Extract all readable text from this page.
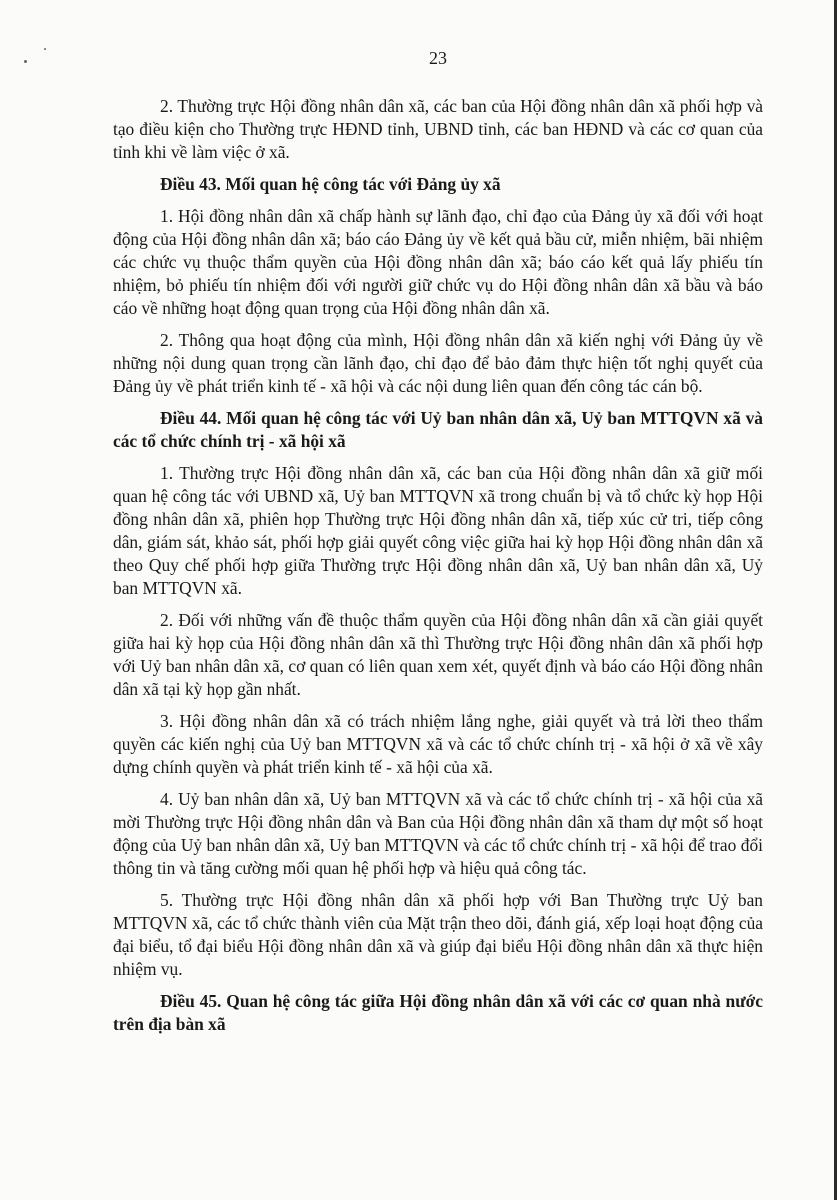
23

2. Thường trực Hội đồng nhân dân xã, các ban của Hội đồng nhân dân xã phối hợp và tạo điều kiện cho Thường trực HĐND tỉnh, UBND tỉnh, các ban HĐND và các cơ quan của tỉnh khi về làm việc ở xã.

Điều 43. Mối quan hệ công tác với Đảng ủy xã

1. Hội đồng nhân dân xã chấp hành sự lãnh đạo, chỉ đạo của Đảng ủy xã đối với hoạt động của Hội đồng nhân dân xã; báo cáo Đảng ủy về kết quả bầu cử, miễn nhiệm, bãi nhiệm các chức vụ thuộc thẩm quyền của Hội đồng nhân dân xã; báo cáo kết quả lấy phiếu tín nhiệm, bỏ phiếu tín nhiệm đối với người giữ chức vụ do Hội đồng nhân dân xã bầu và báo cáo về những hoạt động quan trọng của Hội đồng nhân dân xã.

2. Thông qua hoạt động của mình, Hội đồng nhân dân xã kiến nghị với Đảng ủy về những nội dung quan trọng cần lãnh đạo, chỉ đạo để bảo đảm thực hiện tốt nghị quyết của Đảng ủy về phát triển kinh tế - xã hội và các nội dung liên quan đến công tác cán bộ.

Điều 44. Mối quan hệ công tác với Uỷ ban nhân dân xã, Uỷ ban MTTQVN xã và các tổ chức chính trị - xã hội xã

1. Thường trực Hội đồng nhân dân xã, các ban của Hội đồng nhân dân xã giữ mối quan hệ công tác với UBND xã, Uỷ ban MTTQVN xã trong chuẩn bị và tổ chức kỳ họp Hội đồng nhân dân xã, phiên họp Thường trực Hội đồng nhân dân xã, tiếp xúc cử tri, tiếp công dân, giám sát, khảo sát, phối hợp giải quyết công việc giữa hai kỳ họp Hội đồng nhân dân xã theo Quy chế phối hợp giữa Thường trực Hội đồng nhân dân xã, Uỷ ban nhân dân xã, Uỷ ban MTTQVN xã.

2. Đối với những vấn đề thuộc thẩm quyền của Hội đồng nhân dân xã cần giải quyết giữa hai kỳ họp của Hội đồng nhân dân xã thì Thường trực Hội đồng nhân dân xã phối hợp với Uỷ ban nhân dân xã, cơ quan có liên quan xem xét, quyết định và báo cáo Hội đồng nhân dân xã tại kỳ họp gần nhất.

3. Hội đồng nhân dân xã có trách nhiệm lắng nghe, giải quyết và trả lời theo thẩm quyền các kiến nghị của Uỷ ban MTTQVN xã và các tổ chức chính trị - xã hội ở xã về xây dựng chính quyền và phát triển kinh tế - xã hội của xã.

4. Uỷ ban nhân dân xã, Uỷ ban MTTQVN xã và các tổ chức chính trị - xã hội của xã mời Thường trực Hội đồng nhân dân và Ban của Hội đồng nhân dân xã tham dự một số hoạt động của Uỷ ban nhân dân xã, Uỷ ban MTTQVN và các tổ chức chính trị - xã hội để trao đổi thông tin và tăng cường mối quan hệ phối hợp và hiệu quả công tác.

5. Thường trực Hội đồng nhân dân xã phối hợp với Ban Thường trực Uỷ ban MTTQVN xã, các tổ chức thành viên của Mặt trận theo dõi, đánh giá, xếp loại hoạt động của đại biểu, tổ đại biểu Hội đồng nhân dân xã và giúp đại biểu Hội đồng nhân dân xã thực hiện nhiệm vụ.

Điều 45. Quan hệ công tác giữa Hội đồng nhân dân xã với các cơ quan nhà nước trên địa bàn xã
